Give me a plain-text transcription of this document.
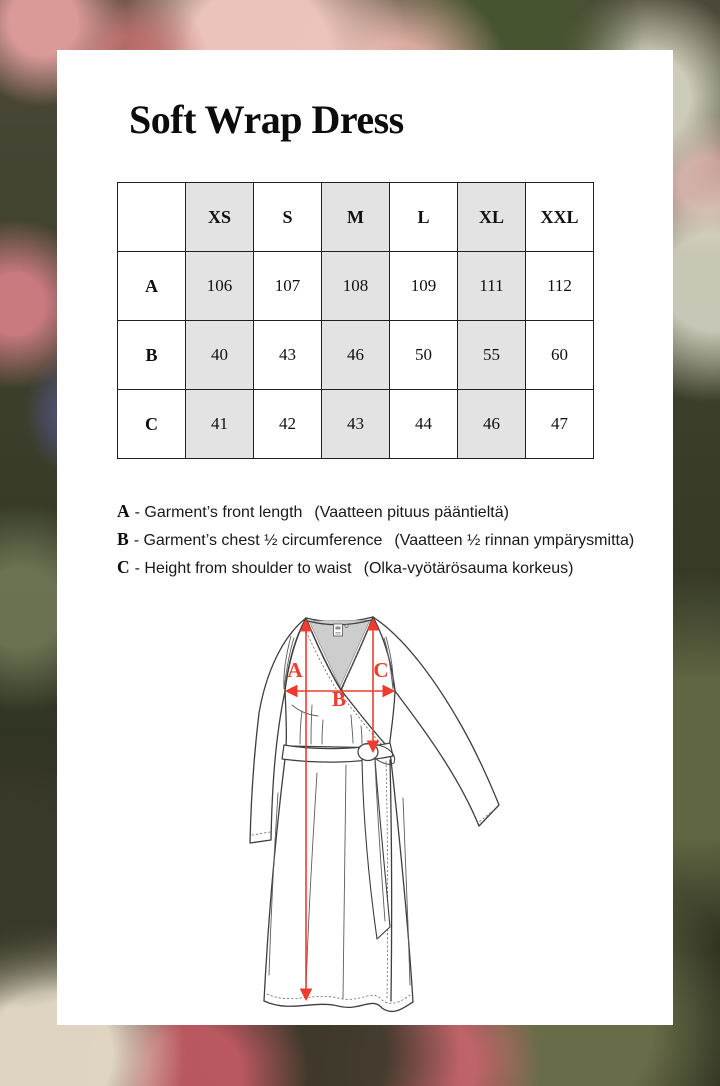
Soft Wrap Dress
	XS	S	M	L	XL	XXL
A	106	107	108	109	111	112
B	40	43	46	50	55	60
C	41	42	43	44	46	47
A - Garment’s front length (Vaatteen pituus pääntieltä)
B - Garment’s chest ½ circumference (Vaatteen ½ rinnan ympärysmitta)
C - Height from shoulder to waist (Olka-vyötärösauma korkeus)
A	C
B
